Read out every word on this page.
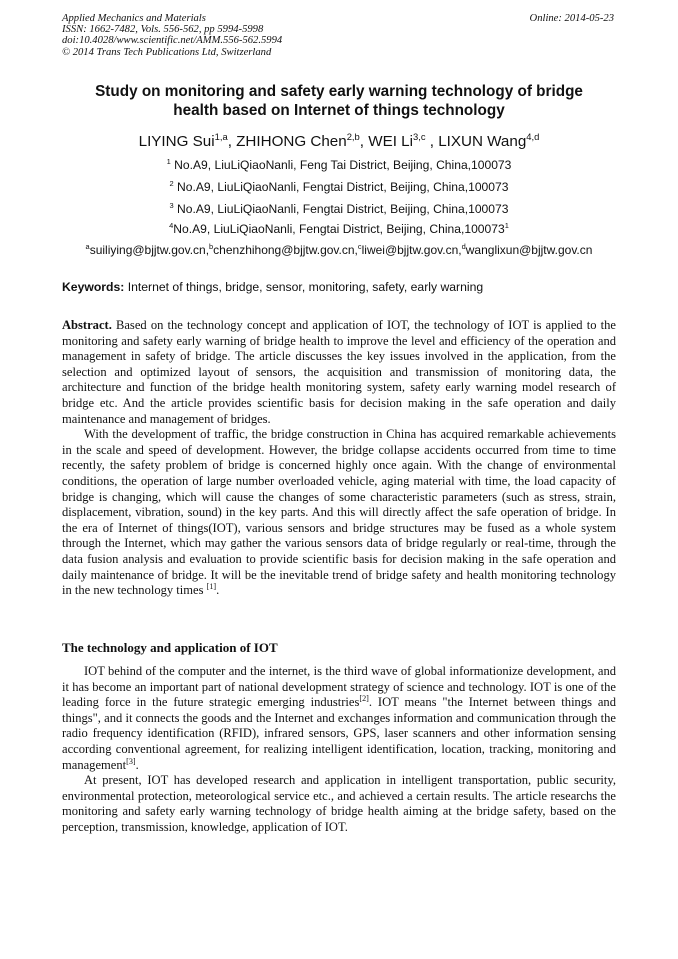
Applied Mechanics and Materials
ISSN: 1662-7482, Vols. 556-562, pp 5994-5998
doi:10.4028/www.scientific.net/AMM.556-562.5994
© 2014 Trans Tech Publications Ltd, Switzerland
Online: 2014-05-23
Study on monitoring and safety early warning technology of bridge
health based on Internet of things technology
LIYING Sui$^{1,a}$, ZHIHONG Chen$^{2,b}$, WEI Li$^{3,c}$ , LIXUN Wang$^{4,d}$
$^1$ No.A9, LiuLiQiaoNanli, Feng Tai District, Beijing, China,100073
$^2$ No.A9, LiuLiQiaoNanli, Fengtai District, Beijing, China,100073
$^3$ No.A9, LiuLiQiaoNanli, Fengtai District, Beijing, China,100073
$^4$No.A9, LiuLiQiaoNanli, Fengtai District, Beijing, China,100073$^1$
$^a$suiliying@bjjtw.gov.cn,$^b$chenzhihong@bjjtw.gov.cn,$^c$liwei@bjjtw.gov.cn,$^d$wanglixun@bjjtw.gov.cn
Keywords: Internet of things, bridge, sensor, monitoring, safety, early warning

Abstract. Based on the technology concept and application of IOT, the technology of IOT is applied to the monitoring and safety early warning of bridge health to improve the level and efficiency of the operation and management in safety of bridge. The article discusses the key issues involved in the application, from the selection and optimized layout of sensors, the acquisition and transmission of monitoring data, the architecture and function of the bridge health monitoring system, safety early warning model research of bridge etc. And the article provides scientific basis for decision making in the safe operation and daily maintenance and management of bridges.

With the development of traffic, the bridge construction in China has acquired remarkable achievements in the scale and speed of development. However, the bridge collapse accidents occurred from time to time recently, the safety problem of bridge is concerned highly once again. With the change of environmental conditions, the operation of large number overloaded vehicle, aging material with time, the load capacity of bridge is changing, which will cause the changes of some characteristic parameters (such as stress, strain, displacement, vibration, sound) in the key parts. And this will directly affect the safe operation of bridge. In the era of Internet of things(IOT), various sensors and bridge structures may be fused as a whole system through the Internet, which may gather the various sensors data of bridge regularly or real-time, through the data fusion analysis and evaluation to provide scientific basis for decision making in the safe operation and daily maintenance of bridge. It will be the inevitable trend of bridge safety and health monitoring technology in the new technology times [1].

The technology and application of IOT

IOT behind of the computer and the internet, is the third wave of global informationize development, and it has become an important part of national development strategy of science and technology. IOT is one of the leading force in the future strategic emerging industries[2]. IOT means "the Internet between things and things", and it connects the goods and the Internet and exchanges information and communication through the radio frequency identification (RFID), infrared sensors, GPS, laser scanners and other information sensing according conventional agreement, for realizing intelligent identification, location, tracking, monitoring and management[3].

At present, IOT has developed research and application in intelligent transportation, public security, environmental protection, meteorological service etc., and achieved a certain results. The article researchs the monitoring and safety early warning technology of bridge health aiming at the bridge safety, based on the perception, transmission, knowledge, application of IOT.
